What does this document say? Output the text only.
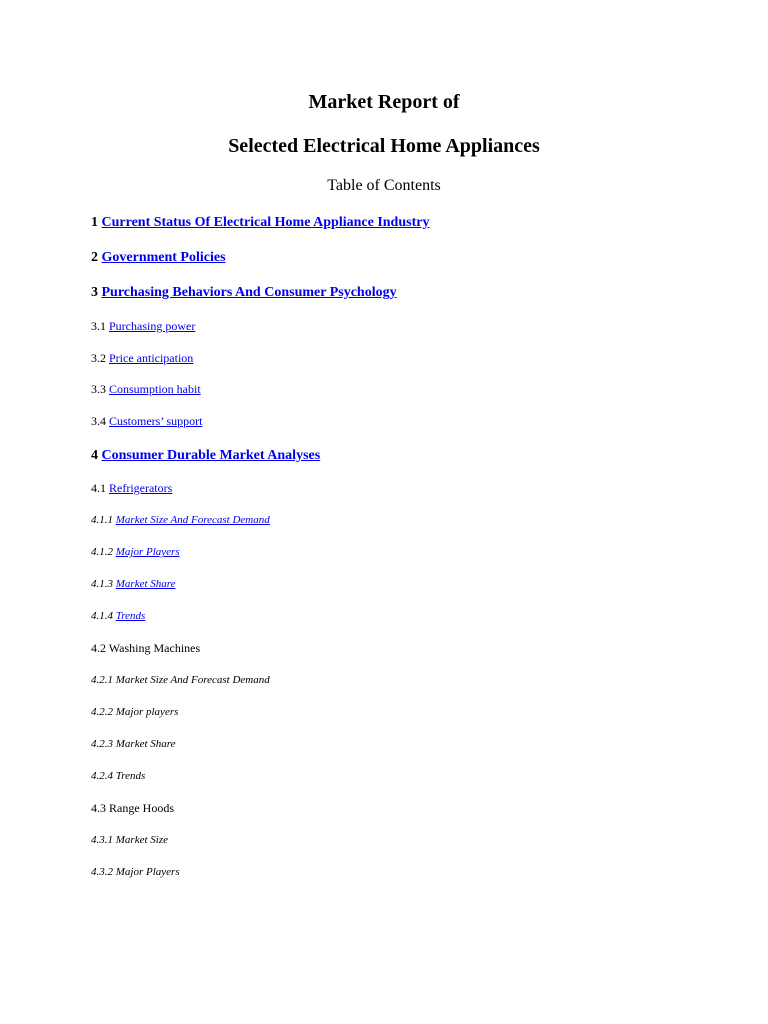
Market Report of
Selected Electrical Home Appliances
Table of Contents
1 Current Status Of Electrical Home Appliance Industry
2 Government Policies
3 Purchasing Behaviors And Consumer Psychology
3.1 Purchasing power
3.2 Price anticipation
3.3 Consumption habit
3.4 Customers’ support
4 Consumer Durable Market Analyses
4.1 Refrigerators
4.1.1 Market Size And Forecast Demand
4.1.2 Major Players
4.1.3 Market Share
4.1.4 Trends
4.2 Washing Machines
4.2.1 Market Size And Forecast Demand
4.2.2 Major players
4.2.3 Market Share
4.2.4 Trends
4.3 Range Hoods
4.3.1 Market Size
4.3.2 Major Players
